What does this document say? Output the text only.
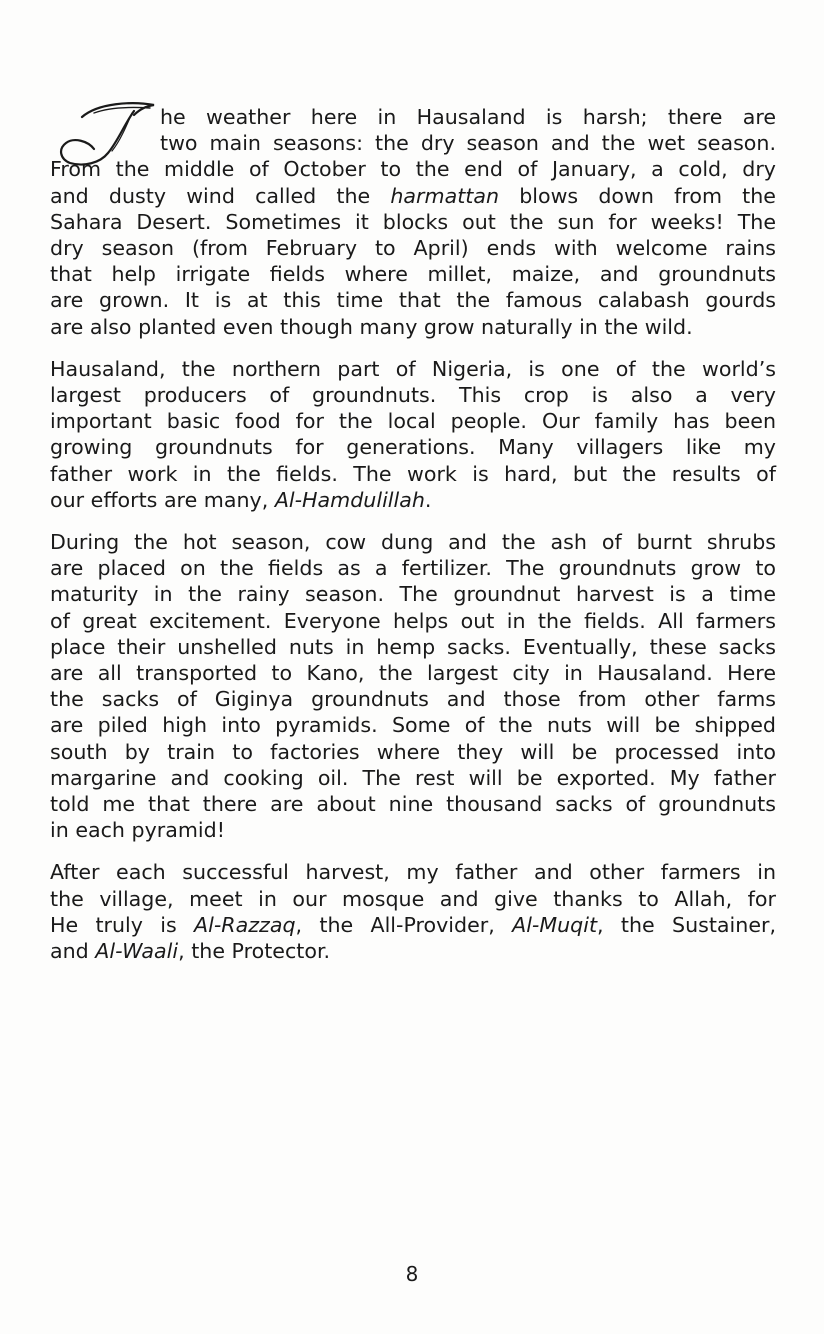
he weather here in Hausaland is harsh; there are
two main seasons: the dry season and the wet season.
From the middle of October to the end of January, a cold, dry
and dusty wind called the harmattan blows down from the
Sahara Desert. Sometimes it blocks out the sun for weeks! The
dry season (from February to April) ends with welcome rains
that help irrigate fields where millet, maize, and groundnuts
are grown. It is at this time that the famous calabash gourds
are also planted even though many grow naturally in the wild.

Hausaland, the northern part of Nigeria, is one of the world’s
largest producers of groundnuts. This crop is also a very
important basic food for the local people. Our family has been
growing groundnuts for generations. Many villagers like my
father work in the fields. The work is hard, but the results of
our efforts are many, Al-Hamdulillah.

During the hot season, cow dung and the ash of burnt shrubs
are placed on the fields as a fertilizer. The groundnuts grow to
maturity in the rainy season. The groundnut harvest is a time
of great excitement. Everyone helps out in the fields. All farmers
place their unshelled nuts in hemp sacks. Eventually, these sacks
are all transported to Kano, the largest city in Hausaland. Here
the sacks of Giginya groundnuts and those from other farms
are piled high into pyramids. Some of the nuts will be shipped
south by train to factories where they will be processed into
margarine and cooking oil. The rest will be exported. My father
told me that there are about nine thousand sacks of groundnuts
in each pyramid!

After each successful harvest, my father and other farmers in
the village, meet in our mosque and give thanks to Allah, for
He truly is Al-Razzaq, the All-Provider, Al-Muqit, the Sustainer,
and Al-Waali, the Protector.

8
